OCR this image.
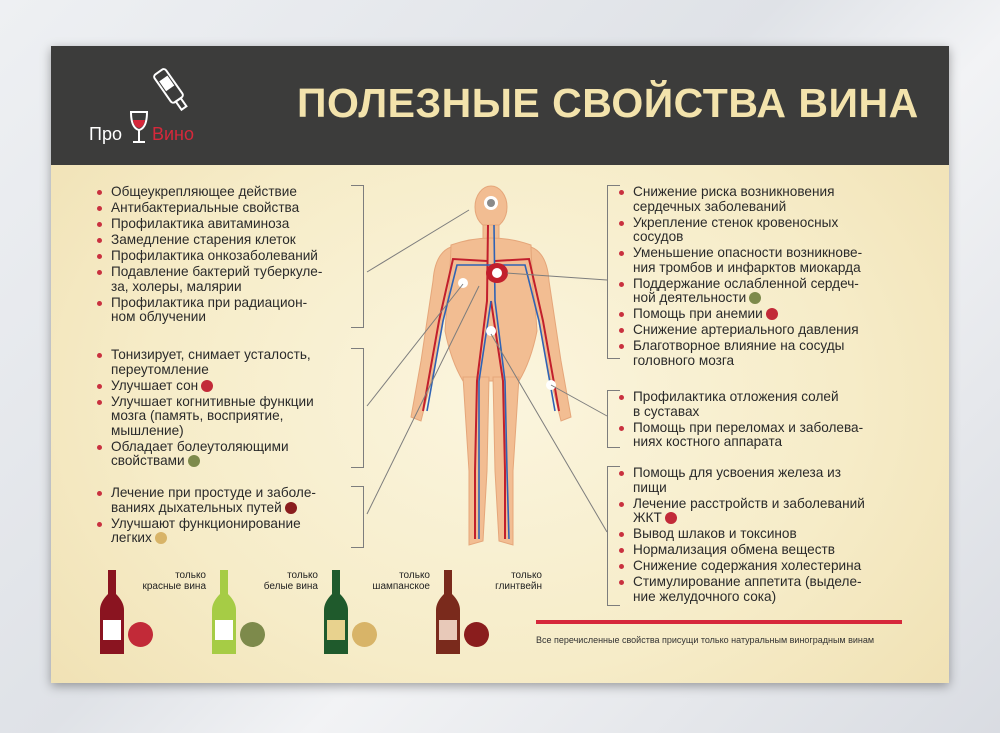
Про Вино
ПОЛЕЗНЫЕ СВОЙСТВА ВИНА
Общеукрепляющее действие
Антибактериальные свойства
Профилактика авитаминоза
Замедление старения клеток
Профилактика онкозаболеваний
Подавление бактерий туберкуле-
за, холеры, малярии
Профилактика при радиацион-
ном облучении
Тонизирует, снимает усталость,
переутомление
Улучшает сон
Улучшает когнитивные функции
мозга (память, восприятие,
мышление)
Обладает болеутоляющими
свойствами
Лечение при простуде и заболе-
ваниях дыхательных путей
Улучшают функционирование
легких
Снижение риска возникновения
сердечных заболеваний
Укрепление стенок кровеносных
сосудов
Уменьшение опасности возникнове-
ния тромбов и инфарктов миокарда
Поддержание ослабленной сердеч-
ной деятельности
Помощь при анемии
Снижение артериального давления
Благотворное влияние на сосуды
головного мозга
Профилактика отложения солей
в суставах
Помощь при переломах и заболева-
ниях костного аппарата
Помощь для усвоения железа из
пищи
Лечение расстройств и заболеваний
ЖКТ
Вывод шлаков и токсинов
Нормализация обмена веществ
Снижение содержания холестерина
Стимулирование аппетита (выделе-
ние желудочного сока)
только
красные вина
только
белые вина
только
шампанское
только
глинтвейн
Все перечисленные свойства присущи только натуральным виноградным винам
